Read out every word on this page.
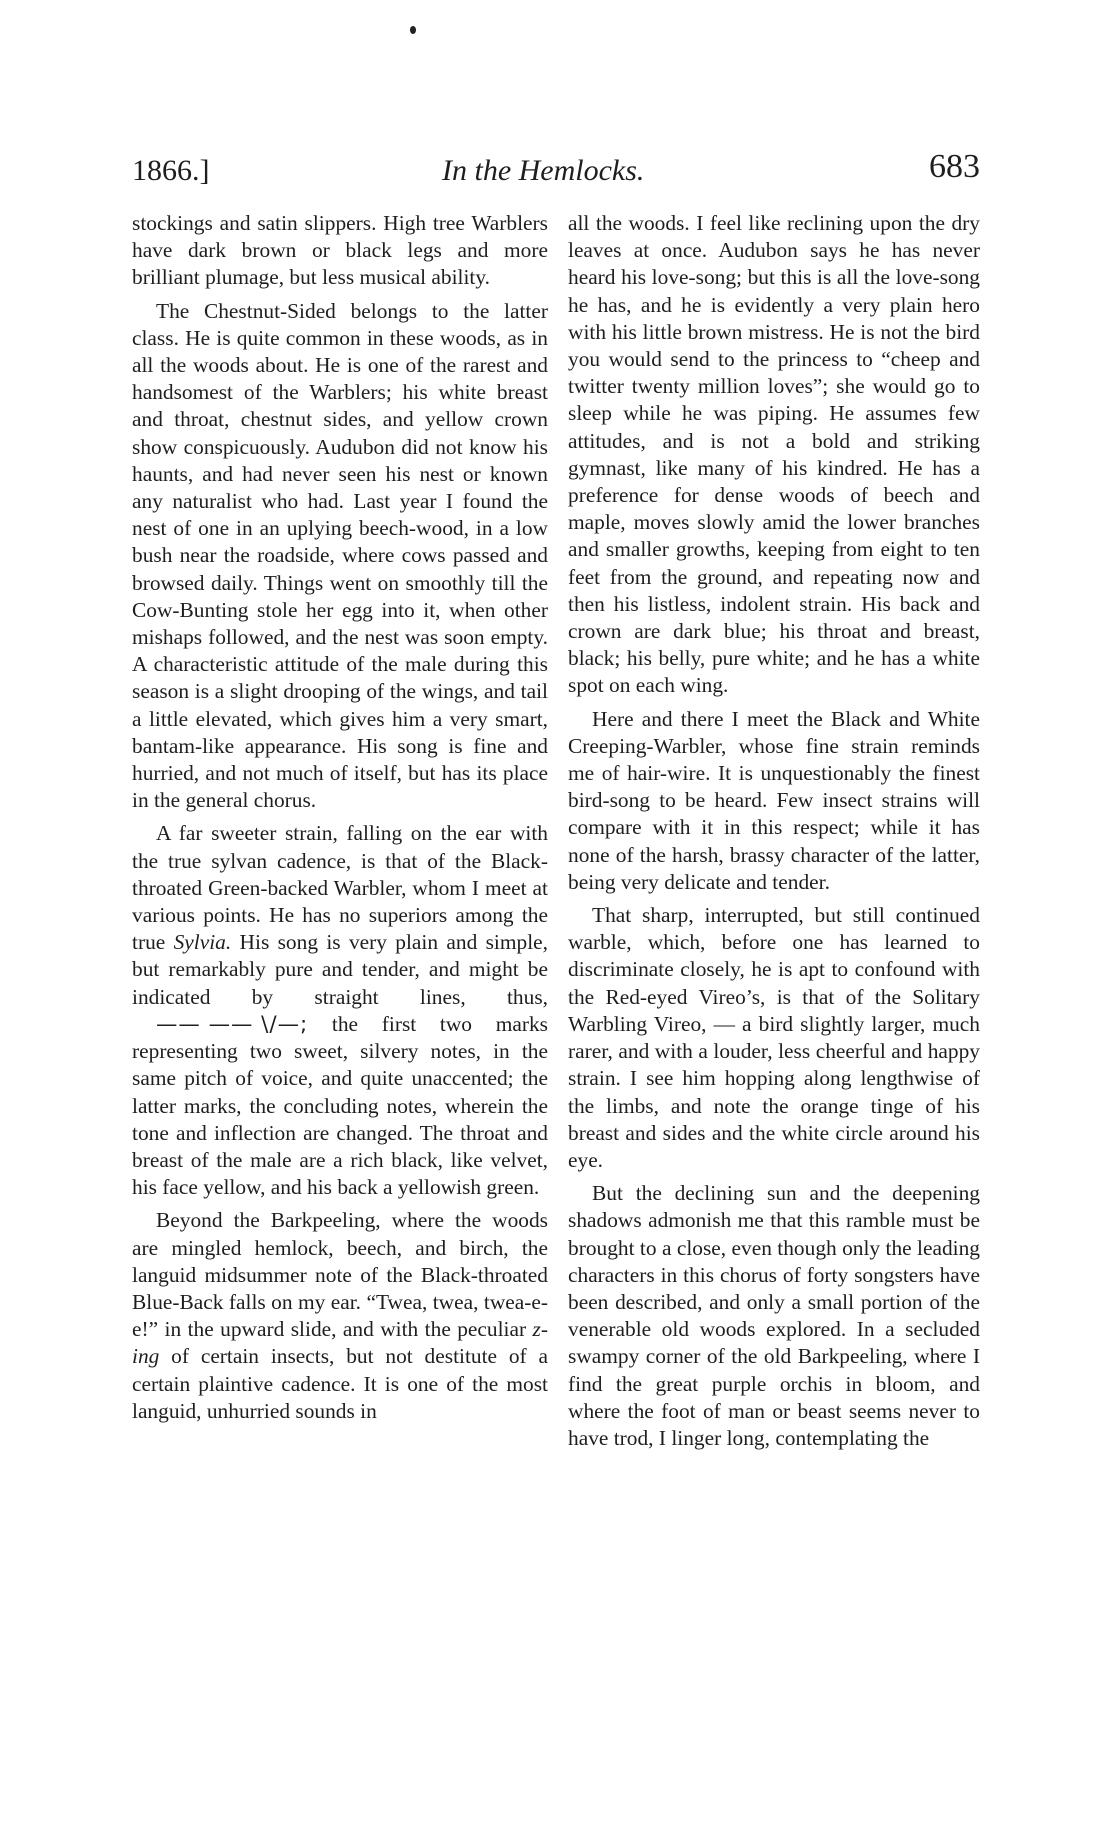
1866.]	In the Hemlocks.	683

stockings and satin slippers. High tree Warblers have dark brown or black legs and more brilliant plumage, but less musical ability.

The Chestnut-Sided belongs to the latter class. He is quite common in these woods, as in all the woods about. He is one of the rarest and handsomest of the Warblers; his white breast and throat, chestnut sides, and yellow crown show conspicuously. Audubon did not know his haunts, and had never seen his nest or known any naturalist who had. Last year I found the nest of one in an uplying beech-wood, in a low bush near the roadside, where cows passed and browsed daily. Things went on smoothly till the Cow-Bunting stole her egg into it, when other mishaps followed, and the nest was soon empty. A characteristic attitude of the male during this season is a slight drooping of the wings, and tail a little elevated, which gives him a very smart, bantam-like appearance. His song is fine and hurried, and not much of itself, but has its place in the general chorus.

A far sweeter strain, falling on the ear with the true sylvan cadence, is that of the Black-throated Green-backed Warbler, whom I meet at various points. He has no superiors among the true Sylvia. His song is very plain and simple, but remarkably pure and tender, and might be indicated by straight lines, thus, —— —— \/—; the first two marks representing two sweet, silvery notes, in the same pitch of voice, and quite unaccented; the latter marks, the concluding notes, wherein the tone and inflection are changed. The throat and breast of the male are a rich black, like velvet, his face yellow, and his back a yellowish green.

Beyond the Barkpeeling, where the woods are mingled hemlock, beech, and birch, the languid midsummer note of the Black-throated Blue-Back falls on my ear. “Twea, twea, twea-e-e!” in the upward slide, and with the peculiar z-ing of certain insects, but not destitute of a certain plaintive cadence. It is one of the most languid, unhurried sounds in

all the woods. I feel like reclining upon the dry leaves at once. Audubon says he has never heard his love-song; but this is all the love-song he has, and he is evidently a very plain hero with his little brown mistress. He is not the bird you would send to the princess to “cheep and twitter twenty million loves”; she would go to sleep while he was piping. He assumes few attitudes, and is not a bold and striking gymnast, like many of his kindred. He has a preference for dense woods of beech and maple, moves slowly amid the lower branches and smaller growths, keeping from eight to ten feet from the ground, and repeating now and then his listless, indolent strain. His back and crown are dark blue; his throat and breast, black; his belly, pure white; and he has a white spot on each wing.

Here and there I meet the Black and White Creeping-Warbler, whose fine strain reminds me of hair-wire. It is unquestionably the finest bird-song to be heard. Few insect strains will compare with it in this respect; while it has none of the harsh, brassy character of the latter, being very delicate and tender.

That sharp, interrupted, but still continued warble, which, before one has learned to discriminate closely, he is apt to confound with the Red-eyed Vireo’s, is that of the Solitary Warbling Vireo, — a bird slightly larger, much rarer, and with a louder, less cheerful and happy strain. I see him hopping along lengthwise of the limbs, and note the orange tinge of his breast and sides and the white circle around his eye.

But the declining sun and the deepening shadows admonish me that this ramble must be brought to a close, even though only the leading characters in this chorus of forty songsters have been described, and only a small portion of the venerable old woods explored. In a secluded swampy corner of the old Barkpeeling, where I find the great purple orchis in bloom, and where the foot of man or beast seems never to have trod, I linger long, contemplating the
